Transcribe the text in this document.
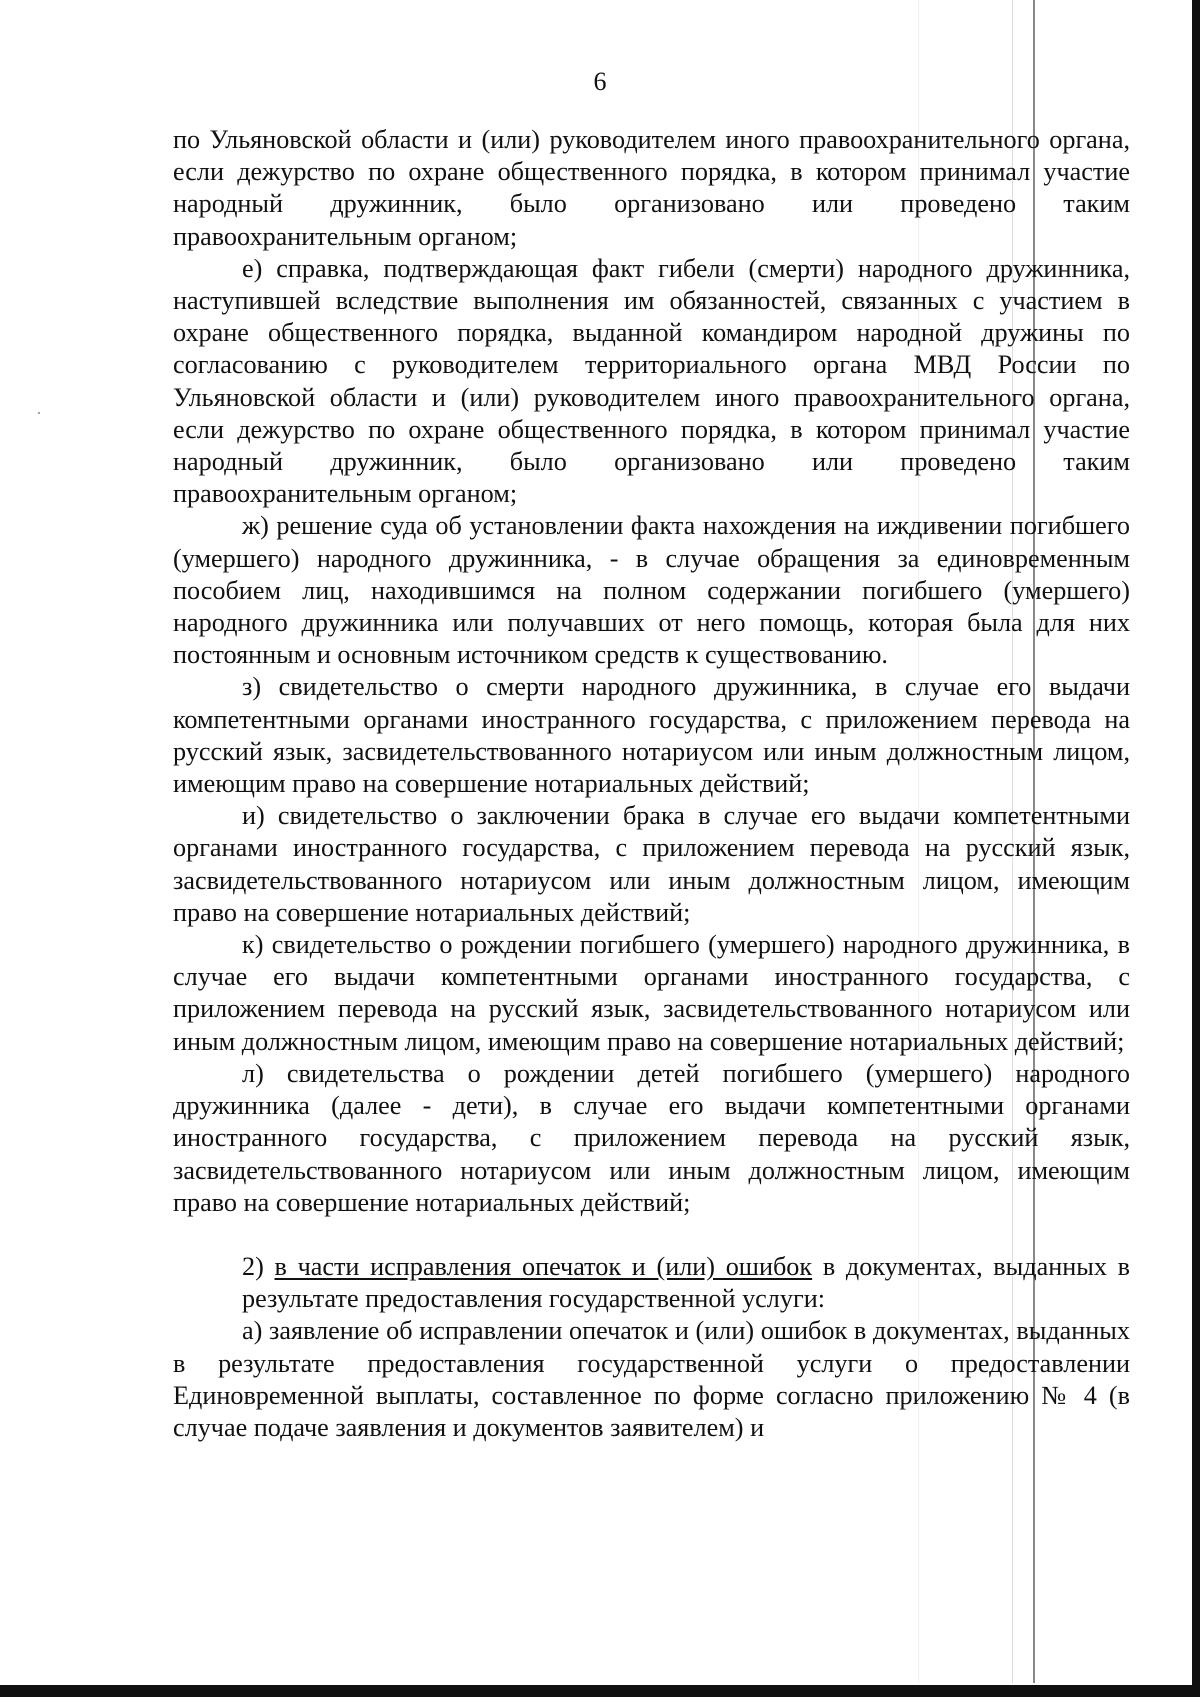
6

по Ульяновской области и (или) руководителем иного правоохранительного органа, если дежурство по охране общественного порядка, в котором принимал участие народный дружинник, было организовано или проведено таким правоохранительным органом;

е) справка, подтверждающая факт гибели (смерти) народного дружинника, наступившей вследствие выполнения им обязанностей, связанных с участием в охране общественного порядка, выданной командиром народной дружины по согласованию с руководителем территориального органа МВД России по Ульяновской области и (или) руководителем иного правоохранительного органа, если дежурство по охране общественного порядка, в котором принимал участие народный дружинник, было организовано или проведено таким правоохранительным органом;

ж) решение суда об установлении факта нахождения на иждивении погибшего (умершего) народного дружинника, - в случае обращения за единовременным пособием лиц, находившимся на полном содержании погибшего (умершего) народного дружинника или получавших от него помощь, которая была для них постоянным и основным источником средств к существованию.

з) свидетельство о смерти народного дружинника, в случае его выдачи компетентными органами иностранного государства, с приложением перевода на русский язык, засвидетельствованного нотариусом или иным должностным лицом, имеющим право на совершение нотариальных действий;

и) свидетельство о заключении брака в случае его выдачи компетентными органами иностранного государства, с приложением перевода на русский язык, засвидетельствованного нотариусом или иным должностным лицом, имеющим право на совершение нотариальных действий;

к) свидетельство о рождении погибшего (умершего) народного дружинника, в случае его выдачи компетентными органами иностранного государства, с приложением перевода на русский язык, засвидетельствованного нотариусом или иным должностным лицом, имеющим право на совершение нотариальных действий;

л) свидетельства о рождении детей погибшего (умершего) народного дружинника (далее - дети), в случае его выдачи компетентными органами иностранного государства, с приложением перевода на русский язык, засвидетельствованного нотариусом или иным должностным лицом, имеющим право на совершение нотариальных действий;

2) в части исправления опечаток и (или) ошибок в документах, выданных в результате предоставления государственной услуги:

а) заявление об исправлении опечаток и (или) ошибок в документах, выданных в результате предоставления государственной услуги о предоставлении Единовременной выплаты, составленное по форме согласно приложению № 4 (в случае подаче заявления и документов заявителем) и
